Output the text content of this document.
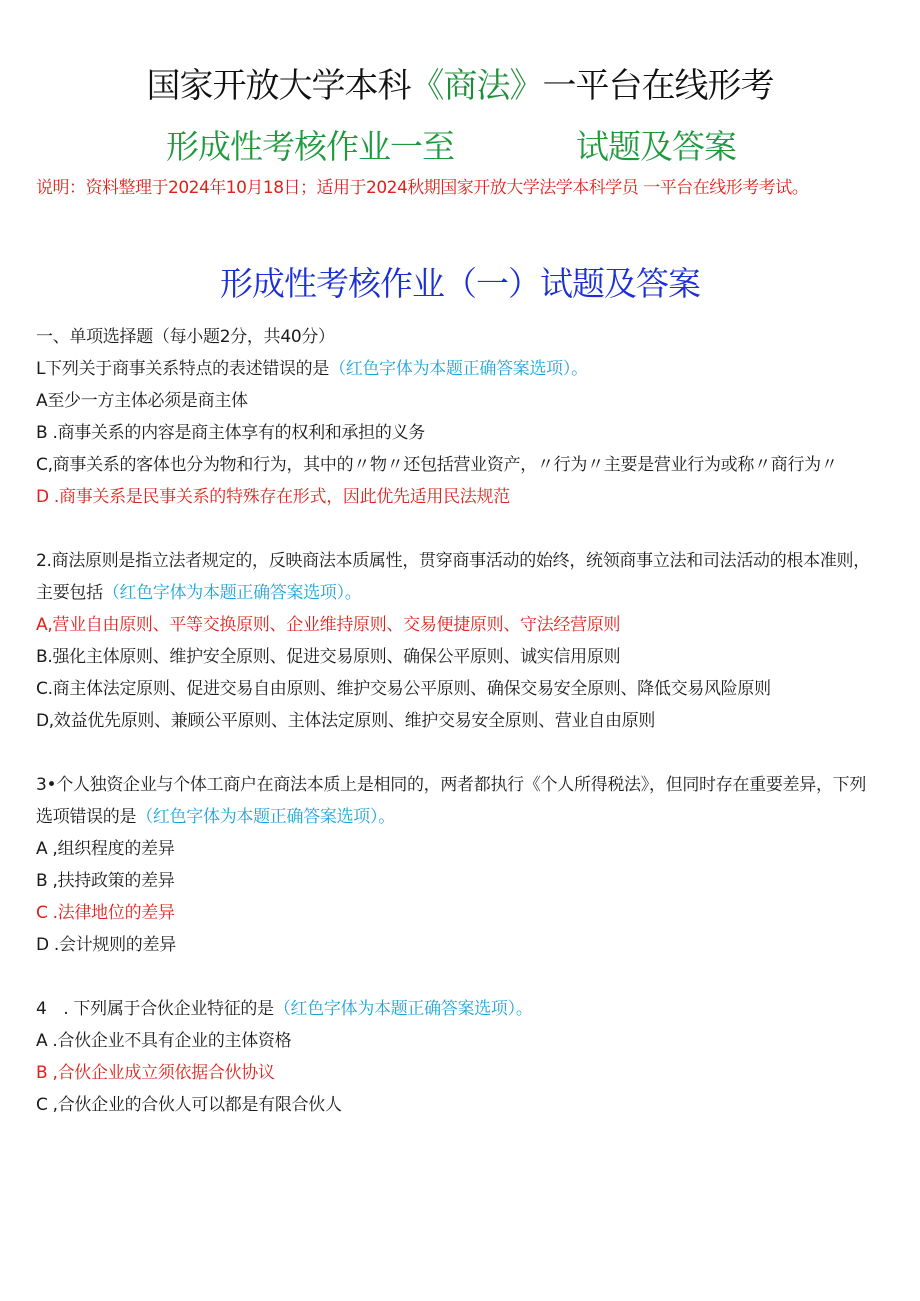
国家开放大学本科《商法》一平台在线形考
形成性考核作业一至	试题及答案
说明：资料整理于2024年10月18日；适用于2024秋期国家开放大学法学本科学员 一平台在线形考考试。
形成性考核作业（一）试题及答案
一、单项选择题（每小题2分，共40分）
L下列关于商事关系特点的表述错误的是（红色字体为本题正确答案选项）。
A至少一方主体必须是商主体
B .商事关系的内容是商主体享有的权利和承担的义务
C,商事关系的客体也分为物和行为，其中的〃物〃还包括营业资产，〃行为〃主要是营业行为或称〃商行为〃
D .商事关系是民事关系的特殊存在形式，因此优先适用民法规范
2.商法原则是指立法者规定的，反映商法本质属性，贯穿商事活动的始终，统领商事立法和司法活动的根本准则，主要包括（红色字体为本题正确答案选项）。
A,营业自由原则、平等交换原则、企业维持原则、交易便捷原则、守法经营原则
B.强化主体原则、维护安全原则、促进交易原则、确保公平原则、诚实信用原则
C.商主体法定原则、促进交易自由原则、维护交易公平原则、确保交易安全原则、降低交易风险原则
D,效益优先原则、兼顾公平原则、主体法定原则、维护交易安全原则、营业自由原则
3•个人独资企业与个体工商户在商法本质上是相同的，两者都执行《个人所得税法》，但同时存在重要差异，下列选项错误的是（红色字体为本题正确答案选项）。
A ,组织程度的差异
B ,扶持政策的差异
C .法律地位的差异
D .会计规则的差异
4　. 下列属于合伙企业特征的是（红色字体为本题正确答案选项）。
A .合伙企业不具有企业的主体资格
B ,合伙企业成立须依据合伙协议
C ,合伙企业的合伙人可以都是有限合伙人
